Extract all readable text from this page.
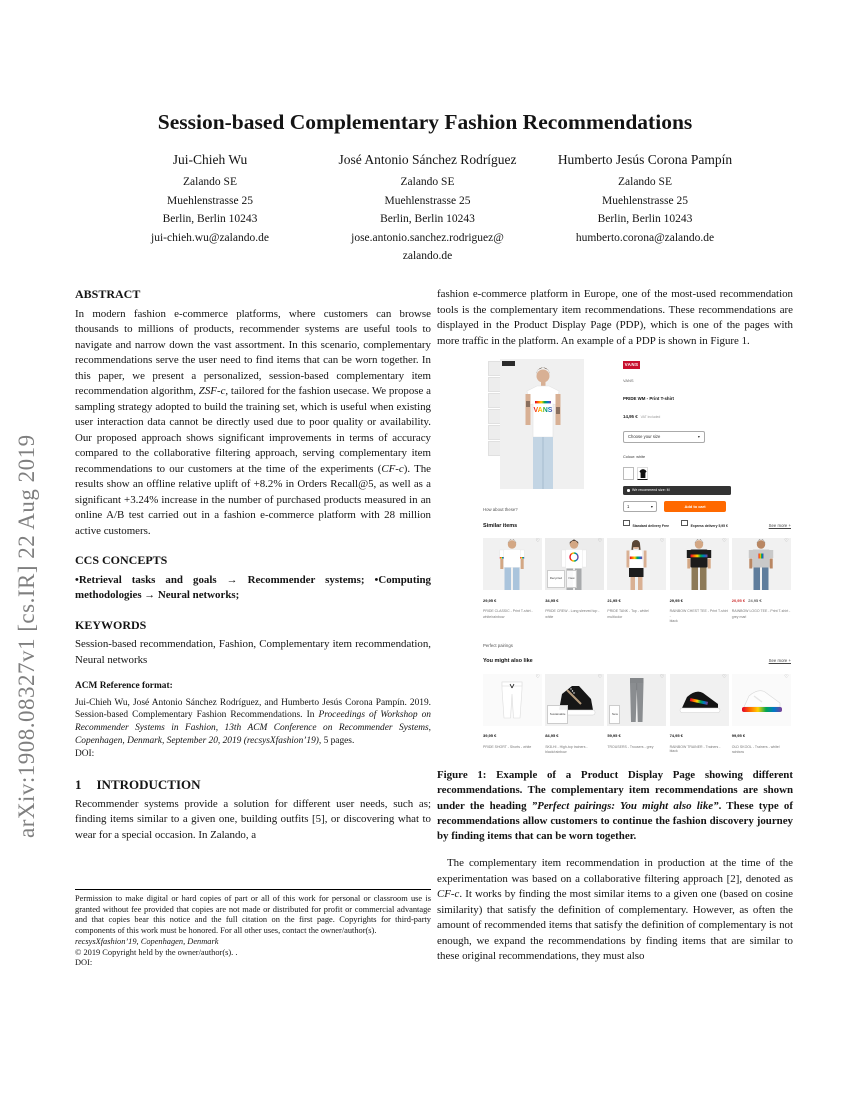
arXiv:1908.08327v1 [cs.IR] 22 Aug 2019
Session-based Complementary Fashion Recommendations
Jui-Chieh Wu
Zalando SE
Muehlenstrasse 25
Berlin, Berlin 10243
jui-chieh.wu@zalando.de
José Antonio Sánchez Rodríguez
Zalando SE
Muehlenstrasse 25
Berlin, Berlin 10243
jose.antonio.sanchez.rodriguez@
zalando.de
Humberto Jesús Corona Pampín
Zalando SE
Muehlenstrasse 25
Berlin, Berlin 10243
humberto.corona@zalando.de
ABSTRACT

In modern fashion e-commerce platforms, where customers can browse thousands to millions of products, recommender systems are useful tools to navigate and narrow down the vast assortment. In this scenario, complementary recommendations serve the user need to find items that can be worn together. In this paper, we present a personalized, session-based complementary item recommendation algorithm, ZSF-c, tailored for the fashion usecase. We propose a sampling strategy adopted to build the training set, which is useful when existing user interaction data cannot be directly used due to poor quality or availability. Our proposed approach shows significant improvements in terms of accuracy compared to the collaborative filtering approach, serving complementary item recommendations to our customers at the time of the experiments (CF-c). The results show an offline relative uplift of +8.2% in Orders Recall@5, as well as a significant +3.24% increase in the number of purchased products measured in an online A/B test carried out in a fashion e-commerce platform with 28 million active customers.

CCS CONCEPTS

•Retrieval tasks and goals → Recommender systems; •Computing methodologies → Neural networks;

KEYWORDS

Session-based recommendation, Fashion, Complementary item recommendation, Neural networks

ACM Reference format:

Jui-Chieh Wu, José Antonio Sánchez Rodríguez, and Humberto Jesús Corona Pampín. 2019. Session-based Complementary Fashion Recommendations. In Proceedings of Workshop on Recommender Systems in Fashion, 13th ACM Conference on Recommender Systems, Copenhagen, Denmark, September 20, 2019 (recsysXfashion’19), 5 pages.

DOI:
1 INTRODUCTION

Recommender systems provide a solution for different user needs, such as; finding items similar to a given one, building outfits [5], or discovering what to wear for a special occasion. In Zalando, a

Permission to make digital or hard copies of part or all of this work for personal or classroom use is granted without fee provided that copies are not made or distributed for profit or commercial advantage and that copies bear this notice and the full citation on the first page. Copyrights for third-party components of this work must be honored. For all other uses, contact the owner/author(s).

recsysXfashion’19, Copenhagen, Denmark
© 2019 Copyright held by the owner/author(s). .
DOI:

fashion e-commerce platform in Europe, one of the most-used recommendation tools is the complementary item recommendations. These recommendations are displayed in the Product Display Page (PDP), which is one of the pages with more traffic in the platform. An example of a PDP is shown in Figure 1.

VANS
VANS
VANS
PRIDE WM - Print T-shirt
14,95 € VAT included
Choose your size	▾
Colour: white
We recommend size: M
1	▾	Add to cart
Standard delivery Free	Express delivery 5,95 €
How about these?
Similar items	See more +
♡
29,95 €
PRIDE CLASSIC - Print T-shirt -
white/rainbow
♡
Recycled	New
34,95 €
PRIDE CREW - Long sleeved top -
white
♡
21,95 €
PRIDE TANK - Top - white/
multicolor
♡
29,95 €
RAINBOW CHEST TEE - Print T-shirt -
black
♡
20,95 € 24,95 €
RAINBOW LOGO TEE - Print T-shirt -
grey marl
Perfect pairings
You might also like	See more +
♡
39,95 €
PRIDE SHORT - Shorts - white
♡
Sustainable
84,95 €
SK8-HI - High-top trainers -
black/rainbow
♡
New
59,95 €
TROUSERS - Trousers - grey
♡
74,95 €
RAINBOW TRAINER - Trainers - black
♡
99,95 €
OLD SKOOL - Trainers - white/
rainbow

Figure 1: Example of a Product Display Page showing different recommendations. The complementary item recommendations are shown under the heading ”Perfect pairings: You might also like”. These type of recommendations allow customers to continue the fashion discovery journey by finding items that can be worn together.

The complementary item recommendation in production at the time of the experimentation was based on a collaborative filtering approach [2], denoted as CF-c. It works by finding the most similar items to a given one (based on cosine similarity) that satisfy the definition of complementary. However, as often the amount of recommended items that satisfy the definition of complementary is not enough, we expand the recommendations by finding items that are similar to these original recommendations, they must also
